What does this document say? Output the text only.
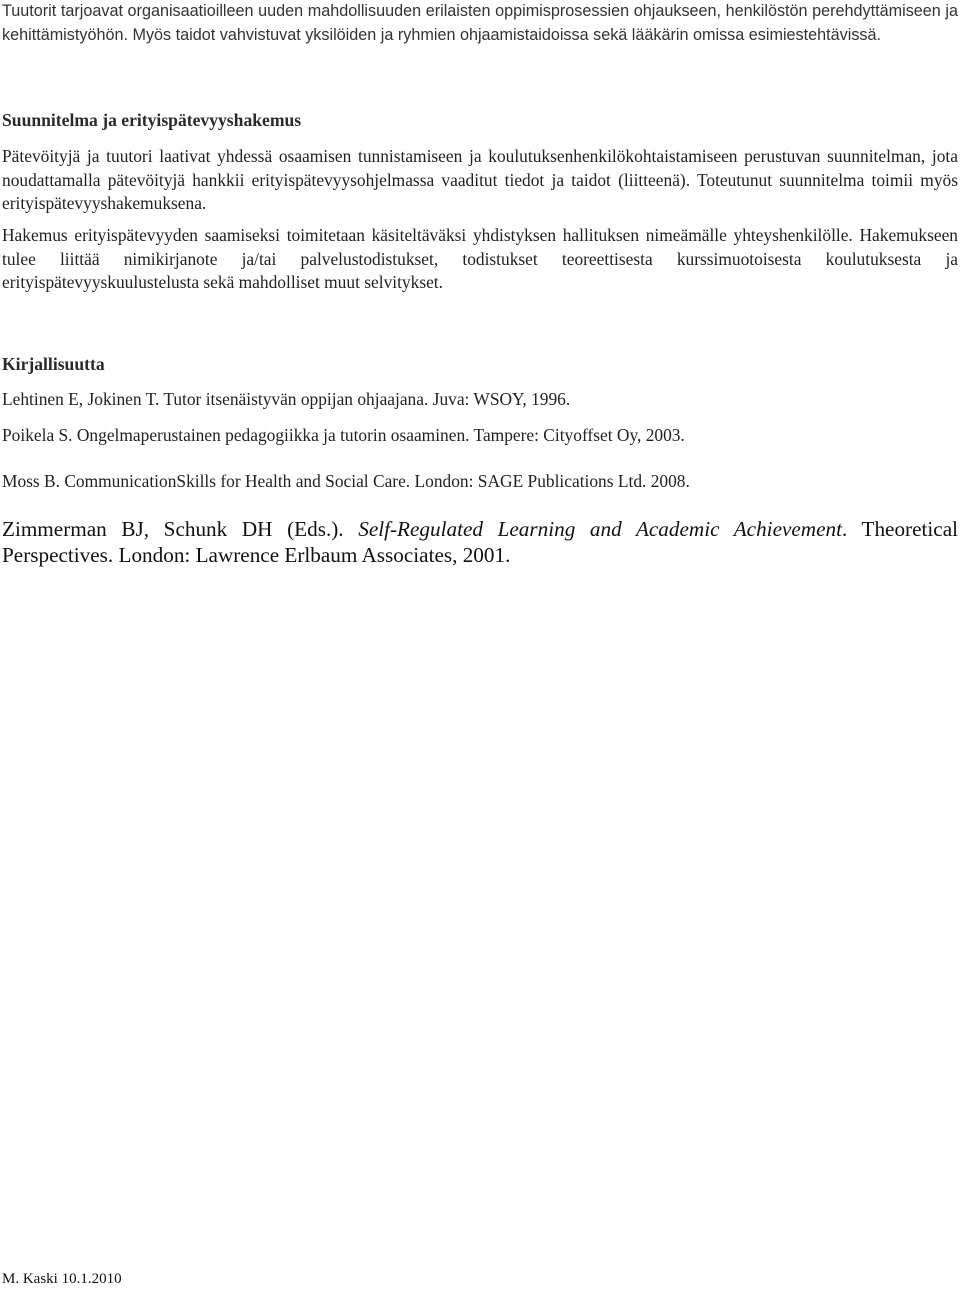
Tuutorit tarjoavat organisaatioilleen uuden mahdollisuuden erilaisten oppimisprosessien ohjaukseen, henkilöstön perehdyttämiseen ja kehittämistyöhön. Myös taidot vahvistuvat yksilöiden ja ryhmien ohjaamistaidoissa sekä lääkärin omissa esimiestehtävissä.

Suunnitelma ja erityispätevyyshakemus

Pätevöityjä ja tuutori laativat yhdessä osaamisen tunnistamiseen ja koulutuksenhenkilökohtaistamiseen perustuvan suunnitelman, jota noudattamalla pätevöityjä hankkii erityispätevyysohjelmassa vaaditut tiedot ja taidot (liitteenä). Toteutunut suunnitelma toimii myös erityispätevyyshakemuksena.

Hakemus erityispätevyyden saamiseksi toimitetaan käsiteltäväksi yhdistyksen hallituksen nimeämälle yhteyshenkilölle. Hakemukseen tulee liittää nimikirjanote ja/tai palvelustodistukset, todistukset teoreettisesta kurssimuotoisesta koulutuksesta ja erityispätevyyskuulustelusta sekä mahdolliset muut selvitykset.

Kirjallisuutta

Lehtinen E, Jokinen T. Tutor itsenäistyvän oppijan ohjaajana. Juva: WSOY, 1996.

Poikela S. Ongelmaperustainen pedagogiikka ja tutorin osaaminen. Tampere: Cityoffset Oy, 2003.

Moss B. CommunicationSkills for Health and Social Care. London: SAGE Publications Ltd. 2008.

Zimmerman BJ, Schunk DH (Eds.). Self-Regulated Learning and Academic Achievement. Theoretical Perspectives. London: Lawrence Erlbaum Associates, 2001.

M. Kaski 10.1.2010
